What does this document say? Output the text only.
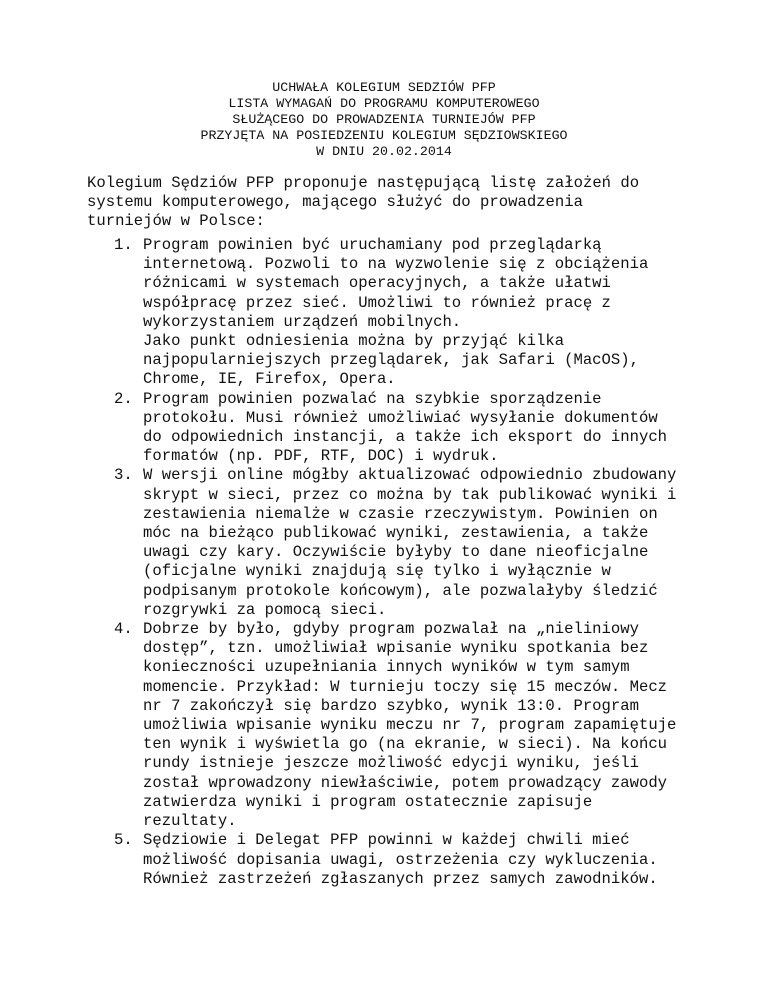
UCHWAŁA KOLEGIUM SEDZIÓW PFP
LISTA WYMAGAŃ DO PROGRAMU KOMPUTEROWEGO
SŁUŻĄCEGO DO PROWADZENIA TURNIEJÓW PFP
PRZYJĘTA NA POSIEDZENIU KOLEGIUM SĘDZIOWSKIEGO
W DNIU 20.02.2014
Kolegium Sędziów PFP proponuje następującą listę założeń do
systemu komputerowego, mającego służyć do prowadzenia
turniejów w Polsce:
1. Program powinien być uruchamiany pod przeglądarką
internetową. Pozwoli to na wyzwolenie się z obciążenia
różnicami w systemach operacyjnych, a także ułatwi
współpracę przez sieć. Umożliwi to również pracę z
wykorzystaniem urządzeń mobilnych.
Jako punkt odniesienia można by przyjąć kilka
najpopularniejszych przeglądarek, jak Safari (MacOS),
Chrome, IE, Firefox, Opera.
2. Program powinien pozwalać na szybkie sporządzenie
protokołu. Musi również umożliwiać wysyłanie dokumentów
do odpowiednich instancji, a także ich eksport do innych
formatów (np. PDF, RTF, DOC) i wydruk.
3. W wersji online mógłby aktualizować odpowiednio zbudowany
skrypt w sieci, przez co można by tak publikować wyniki i
zestawienia niemalże w czasie rzeczywistym. Powinien on
móc na bieżąco publikować wyniki, zestawienia, a także
uwagi czy kary. Oczywiście byłyby to dane nieoficjalne
(oficjalne wyniki znajdują się tylko i wyłącznie w
podpisanym protokole końcowym), ale pozwalałyby śledzić
rozgrywki za pomocą sieci.
4. Dobrze by było, gdyby program pozwalał na „nieliniowy
dostęp”, tzn. umożliwiał wpisanie wyniku spotkania bez
konieczności uzupełniania innych wyników w tym samym
momencie. Przykład: W turnieju toczy się 15 meczów. Mecz
nr 7 zakończył się bardzo szybko, wynik 13:0. Program
umożliwia wpisanie wyniku meczu nr 7, program zapamiętuje
ten wynik i wyświetla go (na ekranie, w sieci). Na końcu
rundy istnieje jeszcze możliwość edycji wyniku, jeśli
został wprowadzony niewłaściwie, potem prowadzący zawody
zatwierdza wyniki i program ostatecznie zapisuje
rezultaty.
5. Sędziowie i Delegat PFP powinni w każdej chwili mieć
możliwość dopisania uwagi, ostrzeżenia czy wykluczenia.
Również zastrzeżeń zgłaszanych przez samych zawodników.
